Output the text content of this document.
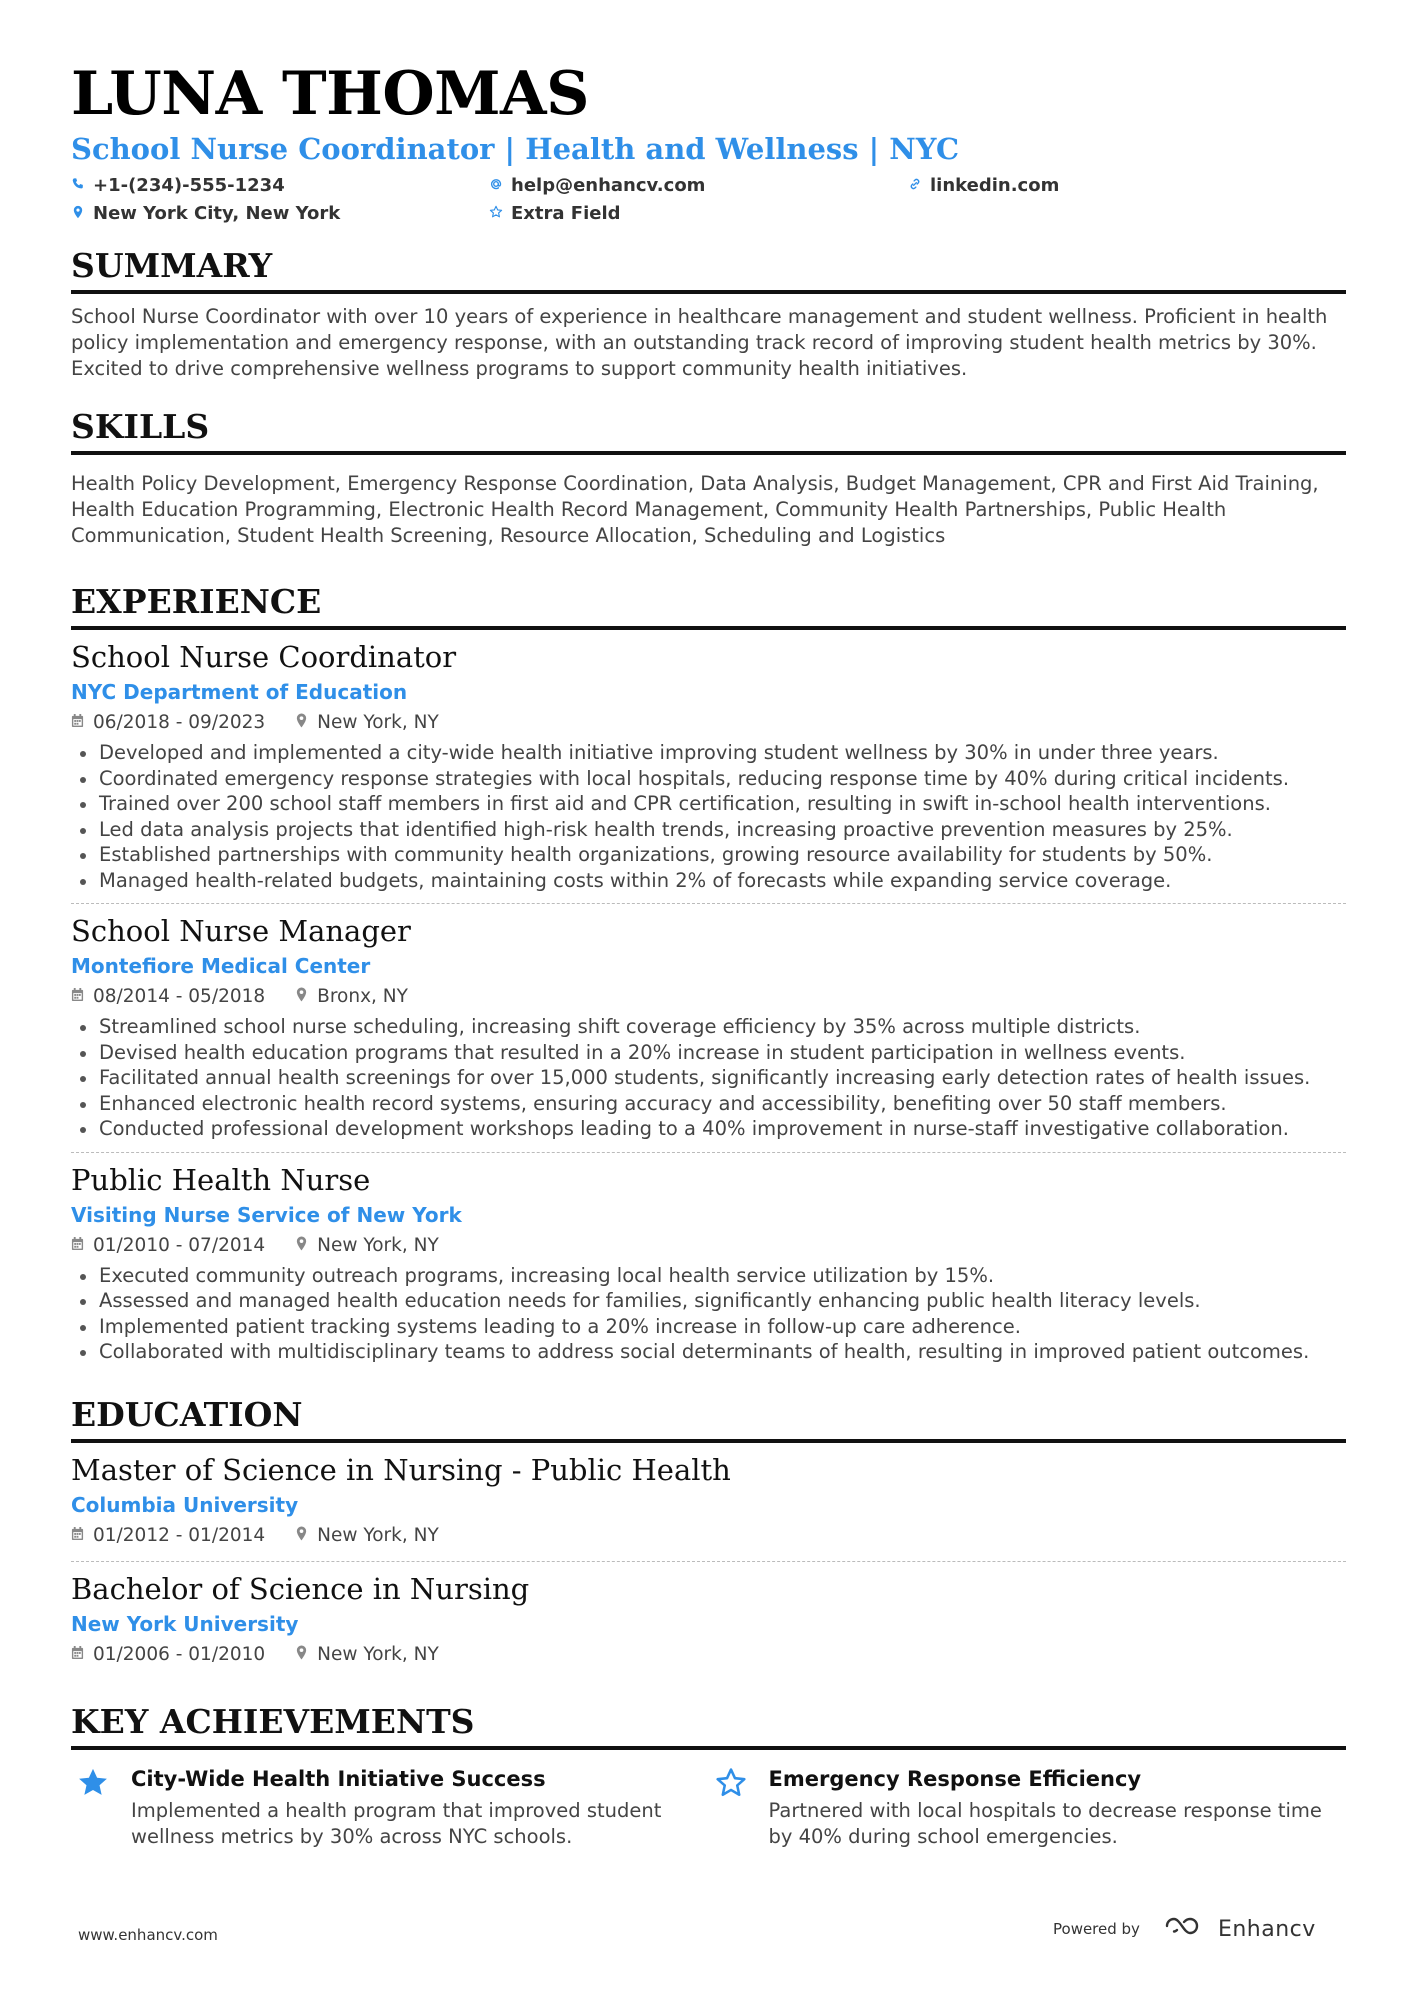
LUNA THOMAS
School Nurse Coordinator | Health and Wellness | NYC
+1-(234)-555-1234	help@enhancv.com	linkedin.com
New York City, New York	Extra Field
SUMMARY
School Nurse Coordinator with over 10 years of experience in healthcare management and student wellness. Proficient in health policy implementation and emergency response, with an outstanding track record of improving student health metrics by 30%. Excited to drive comprehensive wellness programs to support community health initiatives.
SKILLS
Health Policy Development, Emergency Response Coordination, Data Analysis, Budget Management, CPR and First Aid Training, Health Education Programming, Electronic Health Record Management, Community Health Partnerships, Public Health Communication, Student Health Screening, Resource Allocation, Scheduling and Logistics
EXPERIENCE
School Nurse Coordinator
NYC Department of Education
06/2018 - 09/2023	New York, NY
Developed and implemented a city-wide health initiative improving student wellness by 30% in under three years.
Coordinated emergency response strategies with local hospitals, reducing response time by 40% during critical incidents.
Trained over 200 school staff members in first aid and CPR certification, resulting in swift in-school health interventions.
Led data analysis projects that identified high-risk health trends, increasing proactive prevention measures by 25%.
Established partnerships with community health organizations, growing resource availability for students by 50%.
Managed health-related budgets, maintaining costs within 2% of forecasts while expanding service coverage.
School Nurse Manager
Montefiore Medical Center
08/2014 - 05/2018	Bronx, NY
Streamlined school nurse scheduling, increasing shift coverage efficiency by 35% across multiple districts.
Devised health education programs that resulted in a 20% increase in student participation in wellness events.
Facilitated annual health screenings for over 15,000 students, significantly increasing early detection rates of health issues.
Enhanced electronic health record systems, ensuring accuracy and accessibility, benefiting over 50 staff members.
Conducted professional development workshops leading to a 40% improvement in nurse-staff investigative collaboration.
Public Health Nurse
Visiting Nurse Service of New York
01/2010 - 07/2014	New York, NY
Executed community outreach programs, increasing local health service utilization by 15%.
Assessed and managed health education needs for families, significantly enhancing public health literacy levels.
Implemented patient tracking systems leading to a 20% increase in follow-up care adherence.
Collaborated with multidisciplinary teams to address social determinants of health, resulting in improved patient outcomes.
EDUCATION
Master of Science in Nursing - Public Health
Columbia University
01/2012 - 01/2014	New York, NY
Bachelor of Science in Nursing
New York University
01/2006 - 01/2010	New York, NY
KEY ACHIEVEMENTS
City-Wide Health Initiative Success
Implemented a health program that improved student wellness metrics by 30% across NYC schools.
Emergency Response Efficiency
Partnered with local hospitals to decrease response time by 40% during school emergencies.
www.enhancv.com	Powered by	Enhancv
